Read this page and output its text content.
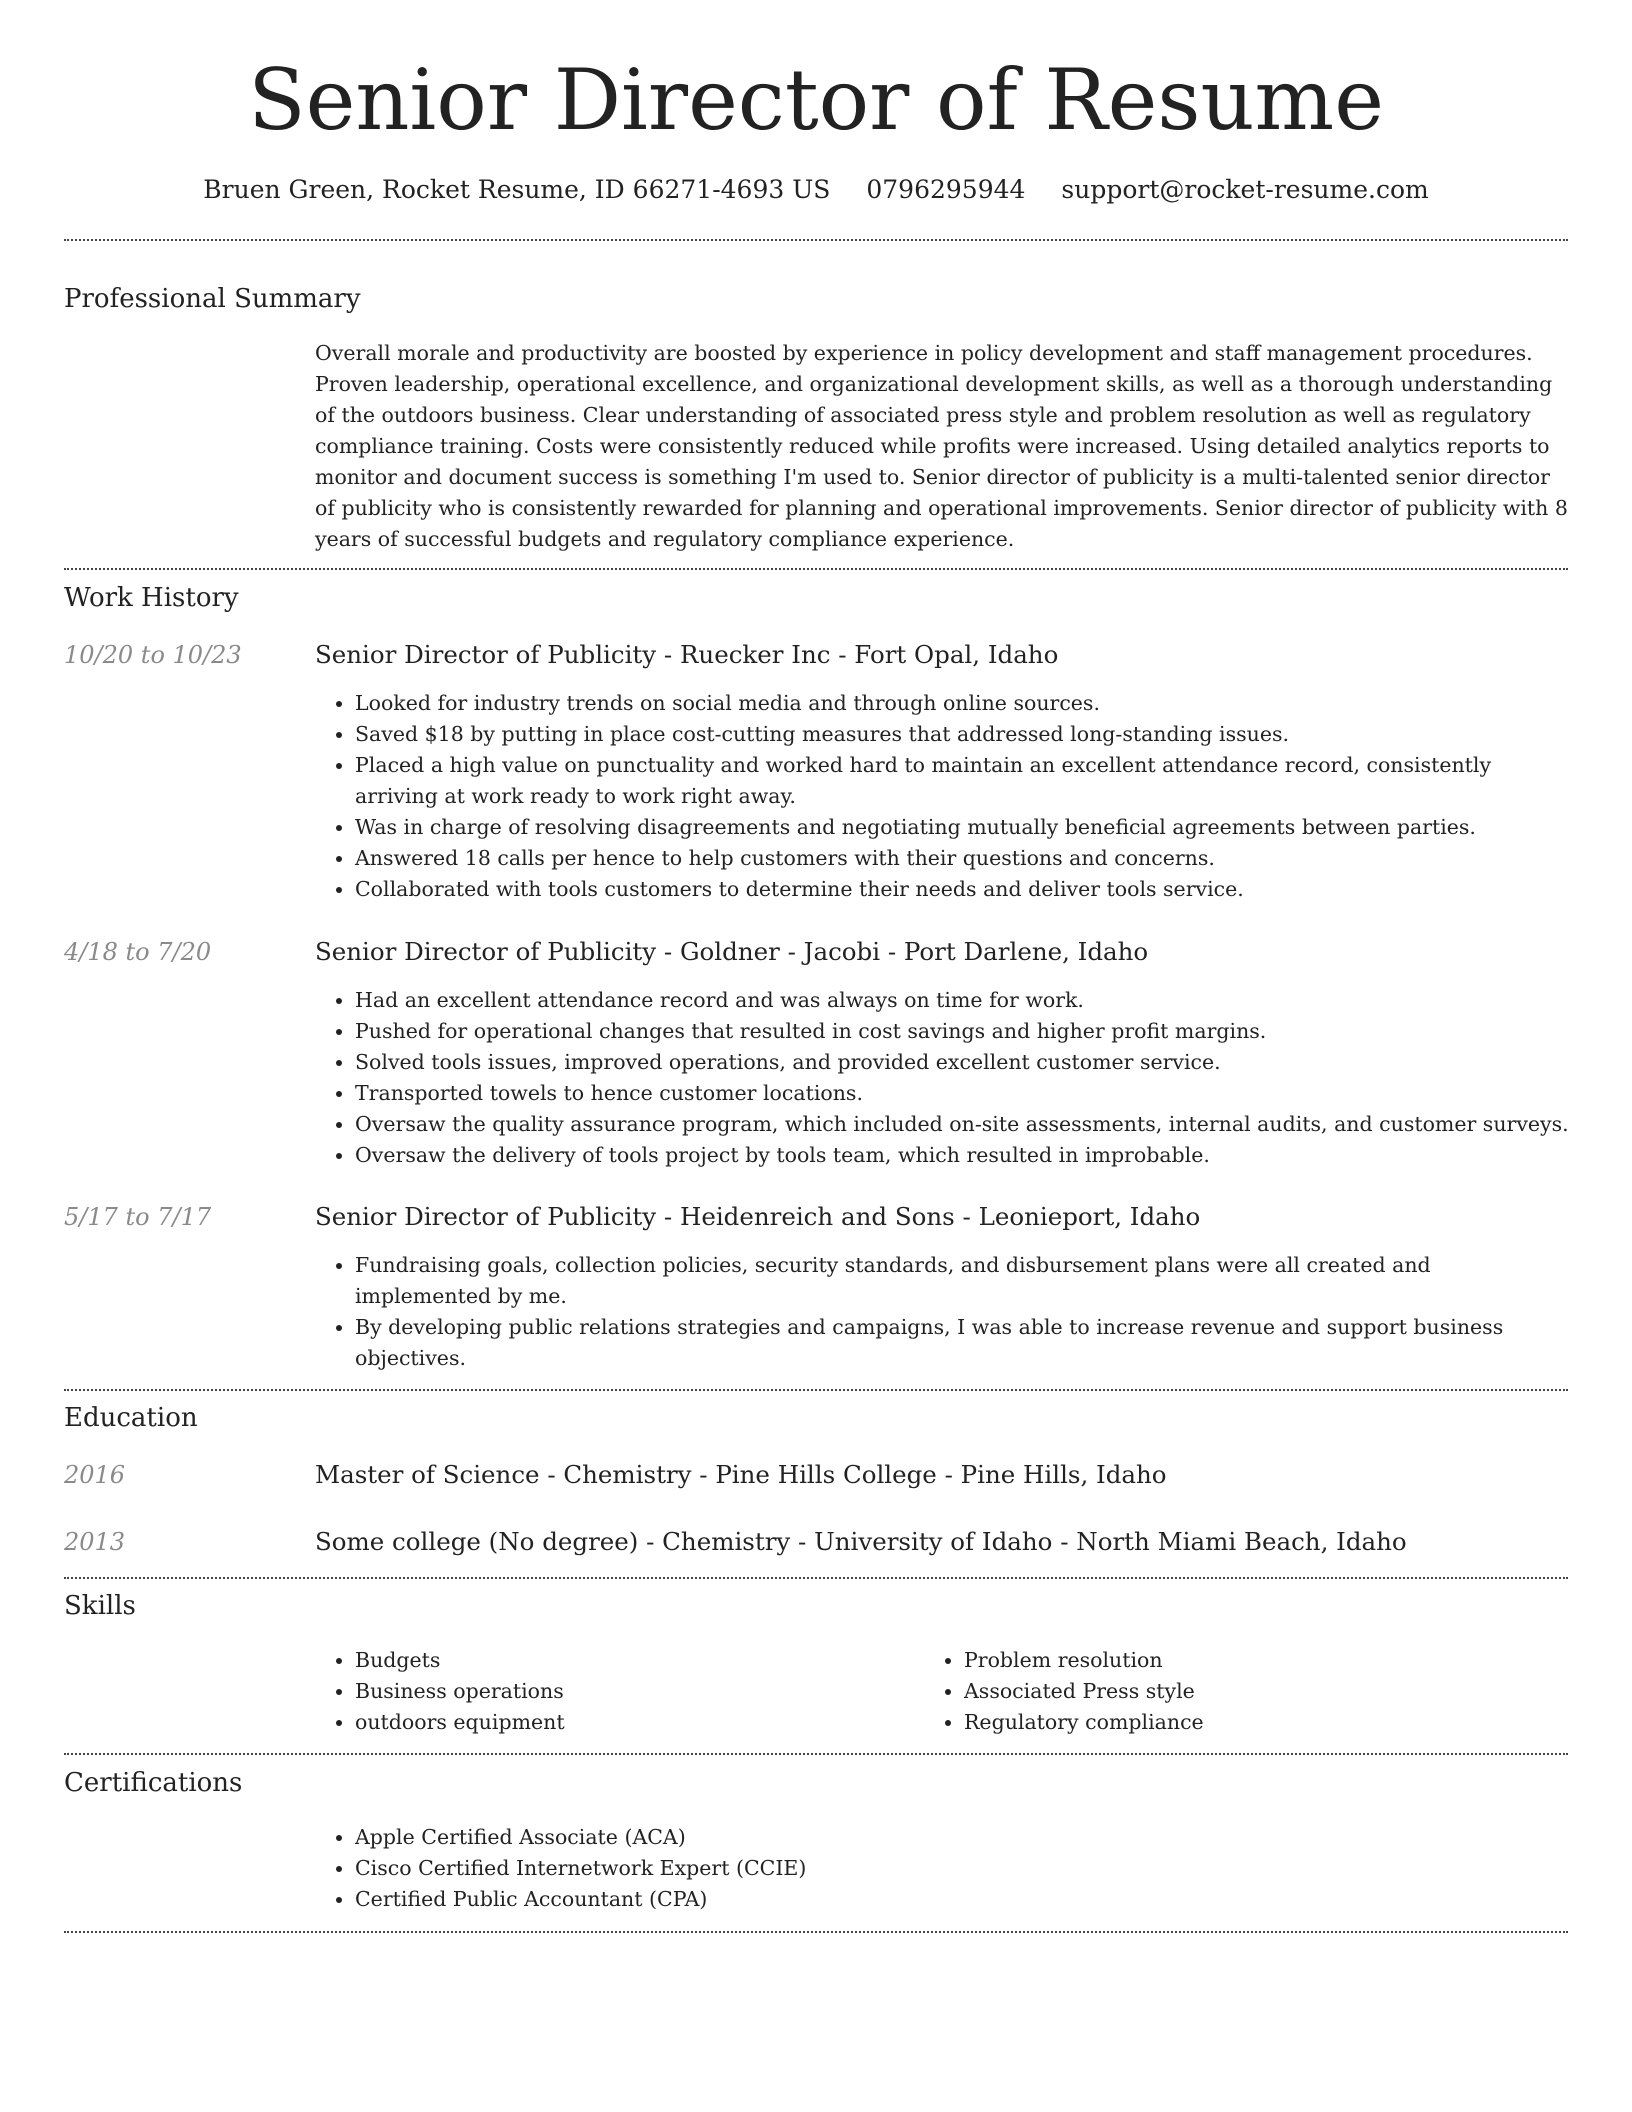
Senior Director of Resume
Bruen Green, Rocket Resume, ID 66271-4693 US 0796295944 support@rocket-resume.com
Professional Summary
Overall morale and productivity are boosted by experience in policy development and staff management procedures. Proven leadership, operational excellence, and organizational development skills, as well as a thorough understanding of the outdoors business. Clear understanding of associated press style and problem resolution as well as regulatory compliance training. Costs were consistently reduced while profits were increased. Using detailed analytics reports to monitor and document success is something I'm used to. Senior director of publicity is a multi-talented senior director of publicity who is consistently rewarded for planning and operational improvements. Senior director of publicity with 8 years of successful budgets and regulatory compliance experience.
Work History
10/20 to 10/23	Senior Director of Publicity - Ruecker Inc - Fort Opal, Idaho
• Looked for industry trends on social media and through online sources.
• Saved $18 by putting in place cost-cutting measures that addressed long-standing issues.
• Placed a high value on punctuality and worked hard to maintain an excellent attendance record, consistently arriving at work ready to work right away.
• Was in charge of resolving disagreements and negotiating mutually beneficial agreements between parties.
• Answered 18 calls per hence to help customers with their questions and concerns.
• Collaborated with tools customers to determine their needs and deliver tools service.
4/18 to 7/20	Senior Director of Publicity - Goldner - Jacobi - Port Darlene, Idaho
• Had an excellent attendance record and was always on time for work.
• Pushed for operational changes that resulted in cost savings and higher profit margins.
• Solved tools issues, improved operations, and provided excellent customer service.
• Transported towels to hence customer locations.
• Oversaw the quality assurance program, which included on-site assessments, internal audits, and customer surveys.
• Oversaw the delivery of tools project by tools team, which resulted in improbable.
5/17 to 7/17	Senior Director of Publicity - Heidenreich and Sons - Leonieport, Idaho
• Fundraising goals, collection policies, security standards, and disbursement plans were all created and implemented by me.
• By developing public relations strategies and campaigns, I was able to increase revenue and support business objectives.
Education
2016	Master of Science - Chemistry - Pine Hills College - Pine Hills, Idaho
2013	Some college (No degree) - Chemistry - University of Idaho - North Miami Beach, Idaho
Skills
• Budgets
• Business operations
• outdoors equipment
• Problem resolution
• Associated Press style
• Regulatory compliance
Certifications
• Apple Certified Associate (ACA)
• Cisco Certified Internetwork Expert (CCIE)
• Certified Public Accountant (CPA)
